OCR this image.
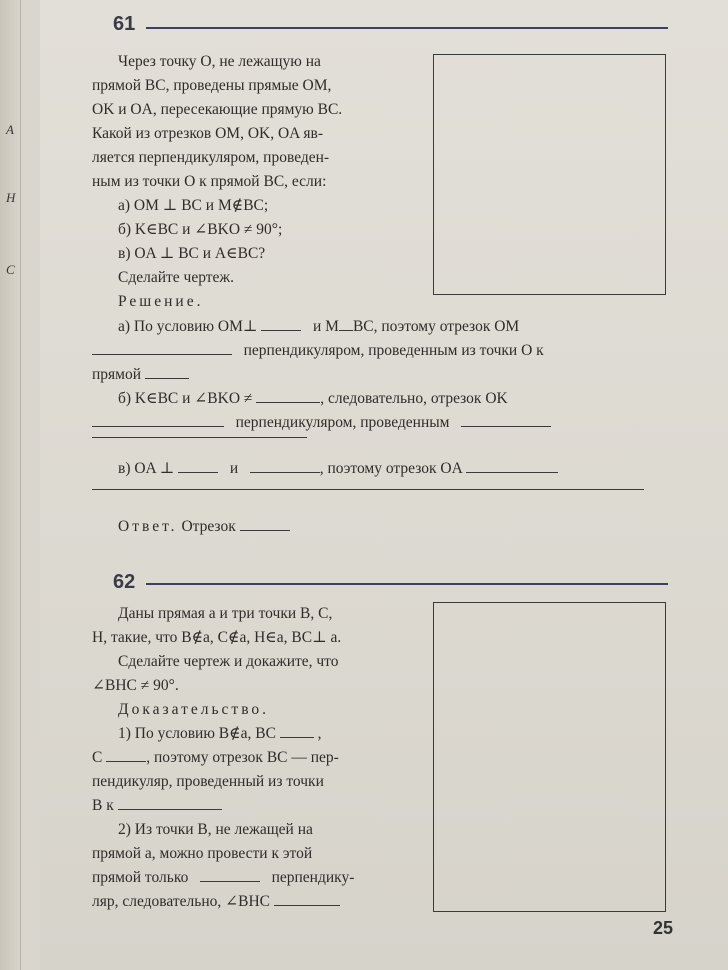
A
H
C
61
Через точку O, не лежащую на
прямой BC, проведены прямые OM,
OK и OA, пересекающие прямую BC.
Какой из отрезков OM, OK, OA яв-
ляется перпендикуляром, проведен-
ным из точки O к прямой BC, если:
а) OM ⊥ BC и M∉BC;
б) K∈BC и ∠BKO ≠ 90°;
в) OA ⊥ BC и A∈BC?
Сделайте чертеж.
Решение.
а) По условию OM⊥	и M BC, поэтому отрезок OM
перпендикуляром, проведенным из точки O к
прямой
б) K∈BC и ∠BKO ≠	, следовательно, отрезок OK
перпендикуляром, проведенным
в) OA ⊥	и	, поэтому отрезок OA
Ответ. Отрезок
62
Даны прямая a и три точки B, C,
H, такие, что B∉a, C∉a, H∈a, BC⊥ a.
Сделайте чертеж и докажите, что
∠BHC ≠ 90°.
Доказательство.
1) По условию B∉a, BC  ,
C	, поэтому отрезок BC — пер-
пендикуляр, проведенный из точки
B к
2) Из точки B, не лежащей на
прямой a, можно провести к этой
прямой только	перпендику-
ляр, следовательно, ∠BHC
25
